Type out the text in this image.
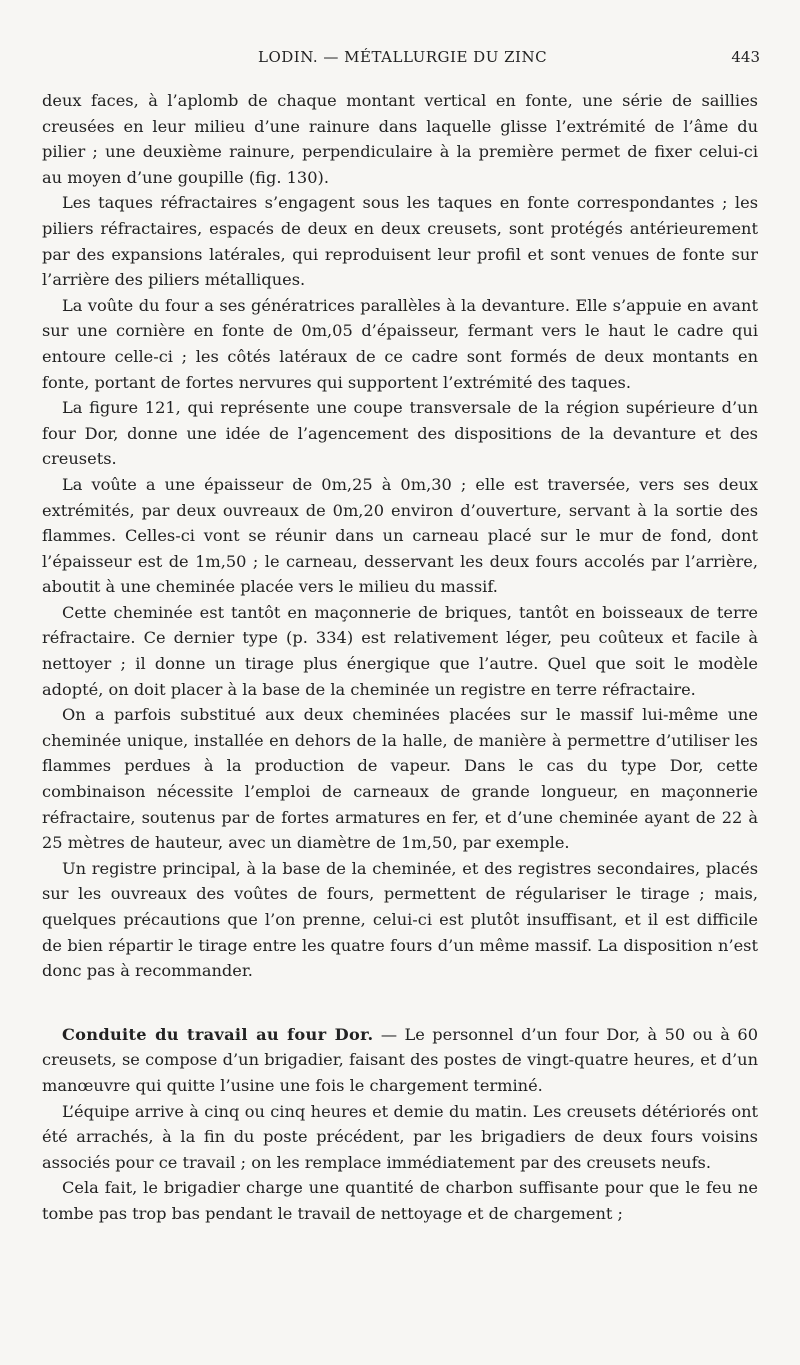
LODIN. — MÉTALLURGIE DU ZINC	443

deux faces, à l’aplomb de chaque montant vertical en fonte, une série de saillies creusées en leur milieu d’une rainure dans laquelle glisse l’extrémité de l’âme du pilier ; une deuxième rainure, perpendiculaire à la première permet de fixer celui-ci au moyen d’une goupille (fig. 130).

Les taques réfractaires s’engagent sous les taques en fonte correspondantes ; les piliers réfractaires, espacés de deux en deux creusets, sont protégés antérieurement par des expansions latérales, qui reproduisent leur profil et sont venues de fonte sur l’arrière des piliers métalliques.

La voûte du four a ses génératrices parallèles à la devanture. Elle s’appuie en avant sur une cornière en fonte de 0m,05 d’épaisseur, fermant vers le haut le cadre qui entoure celle-ci ; les côtés latéraux de ce cadre sont formés de deux montants en fonte, portant de fortes nervures qui supportent l’extrémité des taques.

La figure 121, qui représente une coupe transversale de la région supérieure d’un four Dor, donne une idée de l’agencement des dispositions de la devanture et des creusets.

La voûte a une épaisseur de 0m,25 à 0m,30 ; elle est traversée, vers ses deux extrémités, par deux ouvreaux de 0m,20 environ d’ouverture, servant à la sortie des flammes. Celles-ci vont se réunir dans un carneau placé sur le mur de fond, dont l’épaisseur est de 1m,50 ; le carneau, desservant les deux fours accolés par l’arrière, aboutit à une cheminée placée vers le milieu du massif.

Cette cheminée est tantôt en maçonnerie de briques, tantôt en boisseaux de terre réfractaire. Ce dernier type (p. 334) est relativement léger, peu coûteux et facile à nettoyer ; il donne un tirage plus énergique que l’autre. Quel que soit le modèle adopté, on doit placer à la base de la cheminée un registre en terre réfractaire.

On a parfois substitué aux deux cheminées placées sur le massif lui-même une cheminée unique, installée en dehors de la halle, de manière à permettre d’utiliser les flammes perdues à la production de vapeur. Dans le cas du type Dor, cette combinaison nécessite l’emploi de carneaux de grande longueur, en maçonnerie réfractaire, soutenus par de fortes armatures en fer, et d’une cheminée ayant de 22 à 25 mètres de hauteur, avec un diamètre de 1m,50, par exemple.

Un registre principal, à la base de la cheminée, et des registres secondaires, placés sur les ouvreaux des voûtes de fours, permettent de régulariser le tirage ; mais, quelques précautions que l’on prenne, celui-ci est plutôt insuffisant, et il est difficile de bien répartir le tirage entre les quatre fours d’un même massif. La disposition n’est donc pas à recommander.

Conduite du travail au four Dor. — Le personnel d’un four Dor, à 50 ou à 60 creusets, se compose d’un brigadier, faisant des postes de vingt-quatre heures, et d’un manœuvre qui quitte l’usine une fois le chargement terminé.

L’équipe arrive à cinq ou cinq heures et demie du matin. Les creusets détériorés ont été arrachés, à la fin du poste précédent, par les brigadiers de deux fours voisins associés pour ce travail ; on les remplace immédiatement par des creusets neufs.

Cela fait, le brigadier charge une quantité de charbon suffisante pour que le feu ne tombe pas trop bas pendant le travail de nettoyage et de chargement ;
